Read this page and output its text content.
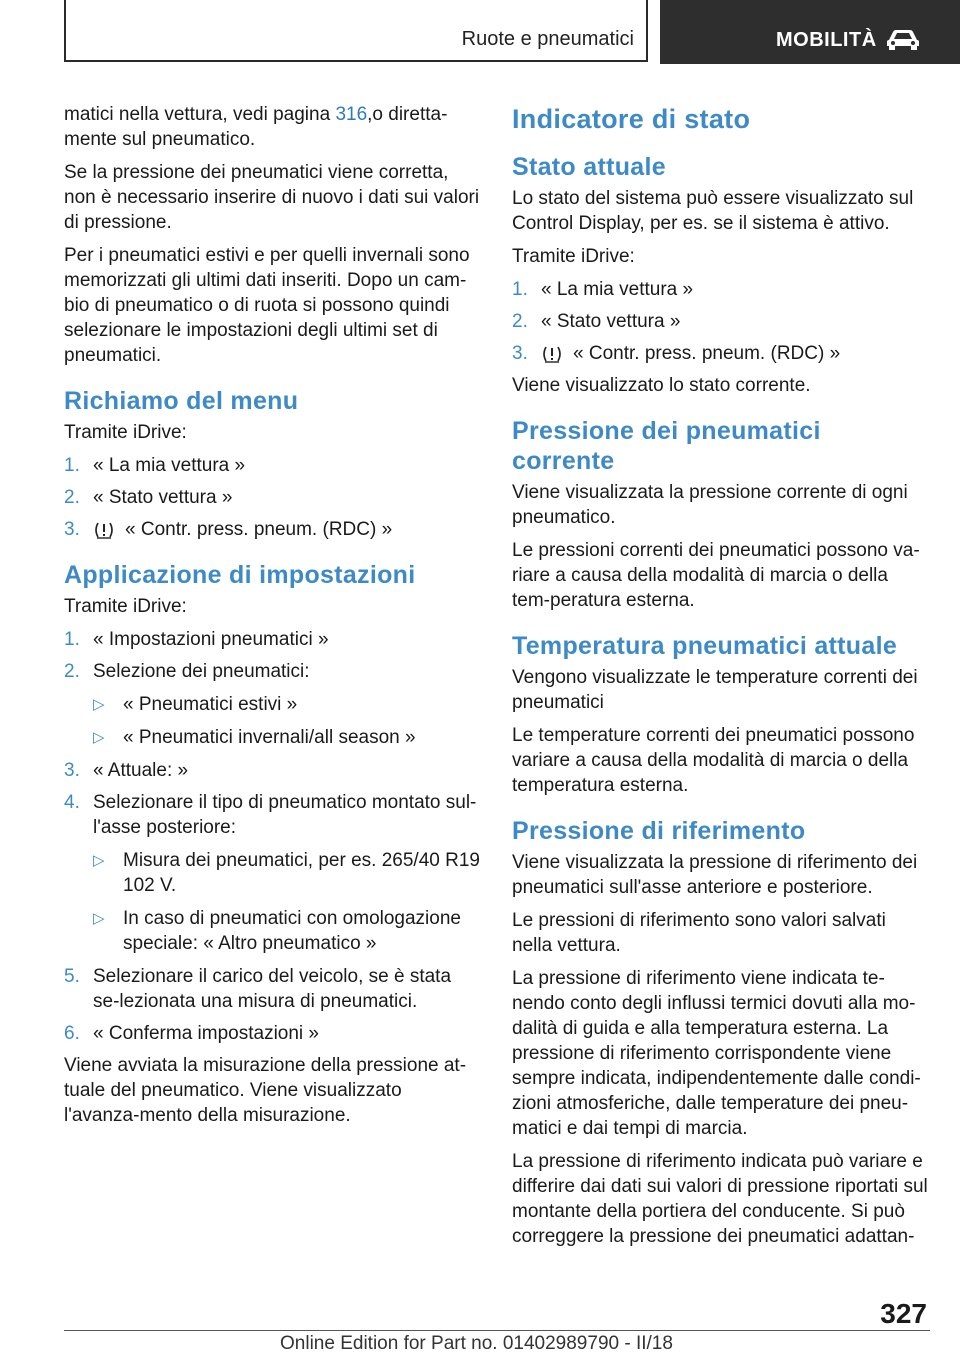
Ruote e pneumatici	MOBILITÀ

matici nella vettura, vedi pagina 316,o diretta-mente sul pneumatico.

Se la pressione dei pneumatici viene corretta, non è necessario inserire di nuovo i dati sui valori di pressione.

Per i pneumatici estivi e per quelli invernali sono memorizzati gli ultimi dati inseriti. Dopo un cam-bio di pneumatico o di ruota si possono quindi selezionare le impostazioni degli ultimi set di pneumatici.

Richiamo del menu

Tramite iDrive:

1. « La mia vettura »
2. « Stato vettura »
3. « Contr. press. pneum. (RDC) »
Applicazione di impostazioni

Tramite iDrive:

1. « Impostazioni pneumatici »
2. Selezione dei pneumatici:
▷ « Pneumatici estivi »
▷ « Pneumatici invernali/all season »
3. « Attuale: »
4. Selezionare il tipo di pneumatico montato sul-l'asse posteriore:
▷ Misura dei pneumatici, per es. 265/40 R19 102 V.
▷ In caso di pneumatici con omologazione speciale: « Altro pneumatico »
5. Selezionare il carico del veicolo, se è stata se-lezionata una misura di pneumatici.
6. « Conferma impostazioni »

Viene avviata la misurazione della pressione at-tuale del pneumatico. Viene visualizzato l'avanza-mento della misurazione.

Indicatore di stato
Stato attuale

Lo stato del sistema può essere visualizzato sul Control Display, per es. se il sistema è attivo.

Tramite iDrive:

1. « La mia vettura »
2. « Stato vettura »
3. « Contr. press. pneum. (RDC) »

Viene visualizzato lo stato corrente.

Pressione dei pneumatici corrente

Viene visualizzata la pressione corrente di ogni pneumatico.

Le pressioni correnti dei pneumatici possono va-riare a causa della modalità di marcia o della tem-peratura esterna.

Temperatura pneumatici attuale

Vengono visualizzate le temperature correnti dei pneumatici

Le temperature correnti dei pneumatici possono variare a causa della modalità di marcia o della temperatura esterna.

Pressione di riferimento

Viene visualizzata la pressione di riferimento dei pneumatici sull'asse anteriore e posteriore.

Le pressioni di riferimento sono valori salvati nella vettura.

La pressione di riferimento viene indicata te-nendo conto degli influssi termici dovuti alla mo-dalità di guida e alla temperatura esterna. La pressione di riferimento corrispondente viene sempre indicata, indipendentemente dalle condi-zioni atmosferiche, dalle temperature dei pneu-matici e dai tempi di marcia.

La pressione di riferimento indicata può variare e differire dai dati sui valori di pressione riportati sul montante della portiera del conducente. Si può correggere la pressione dei pneumatici adattan-

327
Online Edition for Part no. 01402989790 - II/18
